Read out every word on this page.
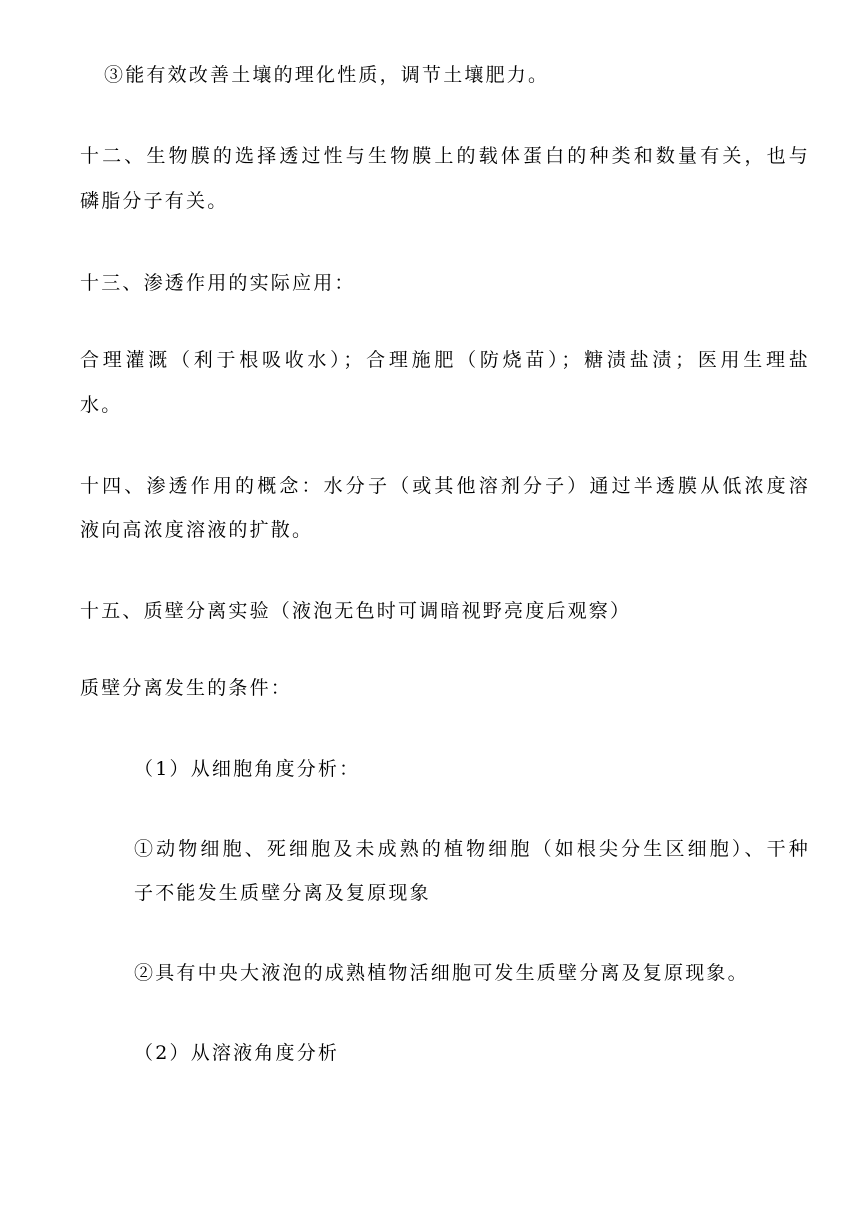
③能有效改善土壤的理化性质，调节土壤肥力。
十二、生物膜的选择透过性与生物膜上的载体蛋白的种类和数量有关，也与
磷脂分子有关。
十三、渗透作用的实际应用：
合理灌溉（利于根吸收水）；合理施肥（防烧苗）；糖渍盐渍；医用生理盐
水。
十四、渗透作用的概念：水分子（或其他溶剂分子）通过半透膜从低浓度溶
液向高浓度溶液的扩散。
十五、质壁分离实验（液泡无色时可调暗视野亮度后观察）
质壁分离发生的条件：
（1）从细胞角度分析：
①动物细胞、死细胞及未成熟的植物细胞（如根尖分生区细胞）、干种
子不能发生质壁分离及复原现象
②具有中央大液泡的成熟植物活细胞可发生质壁分离及复原现象。
（2）从溶液角度分析
